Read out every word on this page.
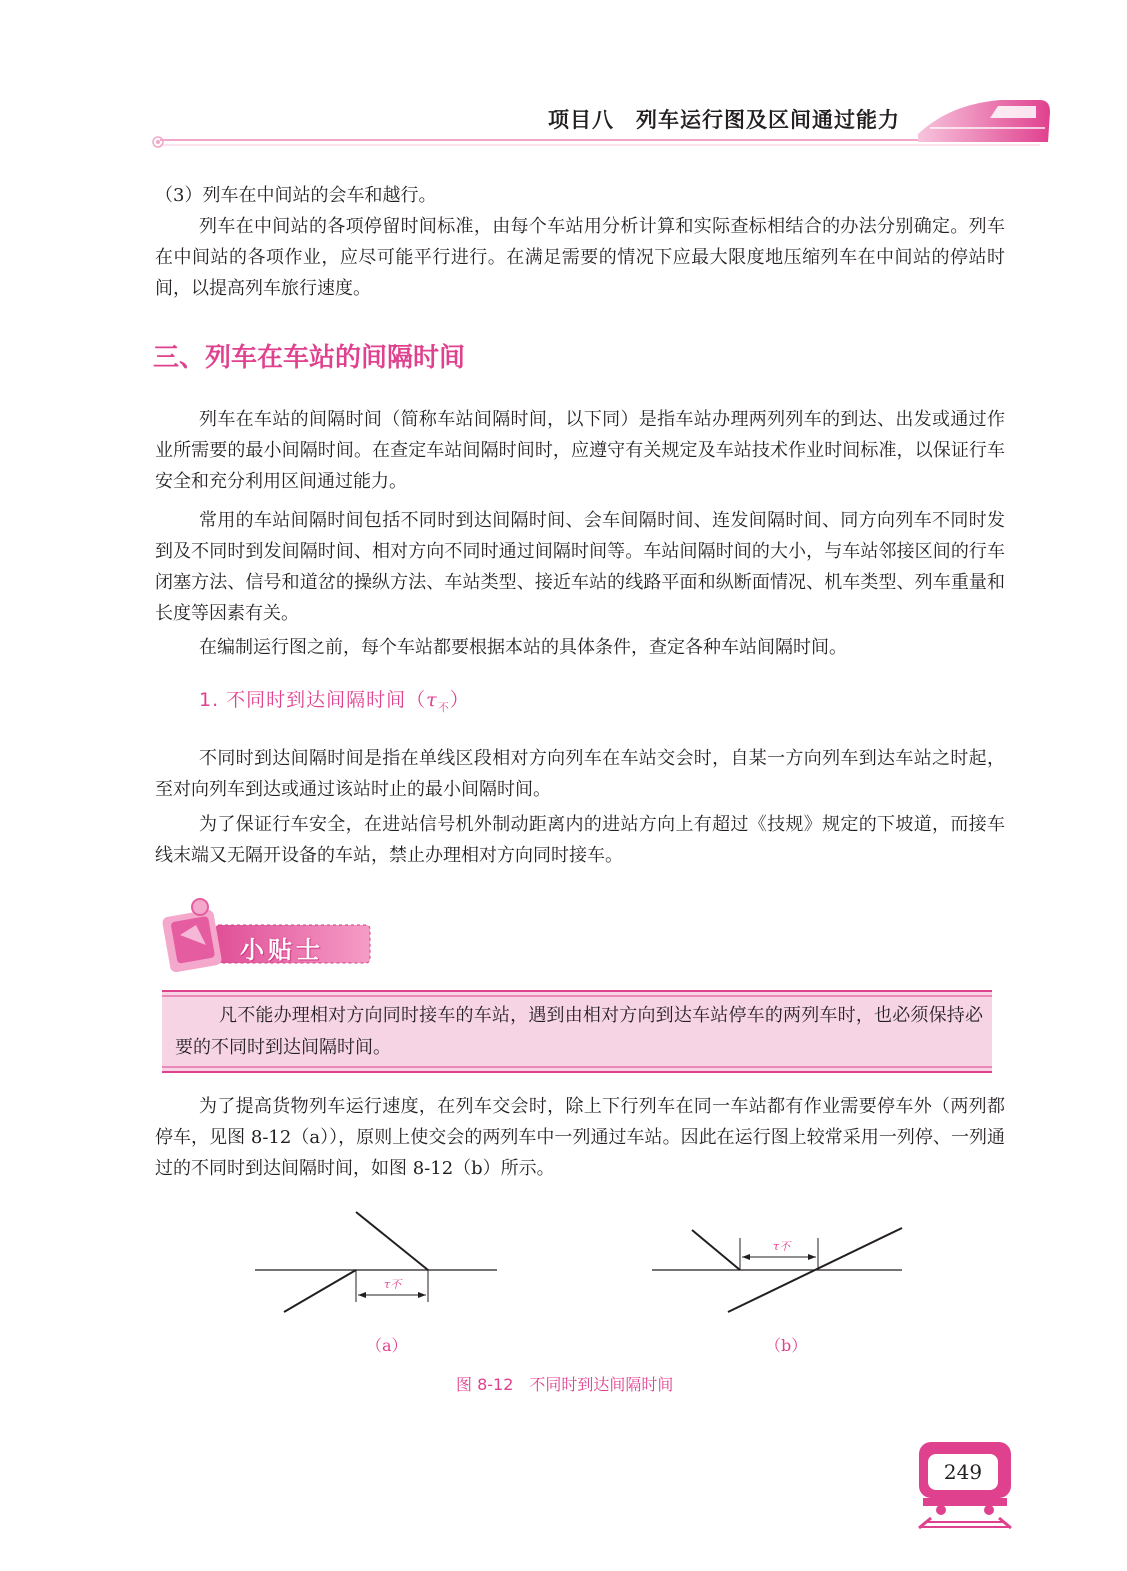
项目八　列车运行图及区间通过能力

（3）列车在中间站的会车和越行。

列车在中间站的各项停留时间标准，由每个车站用分析计算和实际查标相结合的办法分别确定。列车在中间站的各项作业，应尽可能平行进行。在满足需要的情况下应最大限度地压缩列车在中间站的停站时间，以提高列车旅行速度。

三、列车在车站的间隔时间

列车在车站的间隔时间（简称车站间隔时间，以下同）是指车站办理两列列车的到达、出发或通过作业所需要的最小间隔时间。在查定车站间隔时间时，应遵守有关规定及车站技术作业时间标准，以保证行车安全和充分利用区间通过能力。

常用的车站间隔时间包括不同时到达间隔时间、会车间隔时间、连发间隔时间、同方向列车不同时发到及不同时到发间隔时间、相对方向不同时通过间隔时间等。车站间隔时间的大小，与车站邻接区间的行车闭塞方法、信号和道岔的操纵方法、车站类型、接近车站的线路平面和纵断面情况、机车类型、列车重量和长度等因素有关。

在编制运行图之前，每个车站都要根据本站的具体条件，查定各种车站间隔时间。

1. 不同时到达间隔时间$(\tau_不)$

不同时到达间隔时间是指在单线区段相对方向列车在车站交会时，自某一方向列车到达车站之时起，至对向列车到达或通过该站时止的最小间隔时间。

为了保证行车安全，在进站信号机外制动距离内的进站方向上有超过《技规》规定的下坡道，而接车线末端又无隔开设备的车站，禁止办理相对方向同时接车。

小贴士

凡不能办理相对方向同时接车的车站，遇到由相对方向到达车站停车的两列车时，也必须保持必要的不同时到达间隔时间。

为了提高货物列车运行速度，在列车交会时，除上下行列车在同一车站都有作业需要停车外（两列都停车，见图 8-12（a）），原则上使交会的两列车中一列通过车站。因此在运行图上较常采用一列停、一列通过的不同时到达间隔时间，如图 8-12（b）所示。

τ不
τ不
（a）	（b）
图 8-12　不同时到达间隔时间
249
